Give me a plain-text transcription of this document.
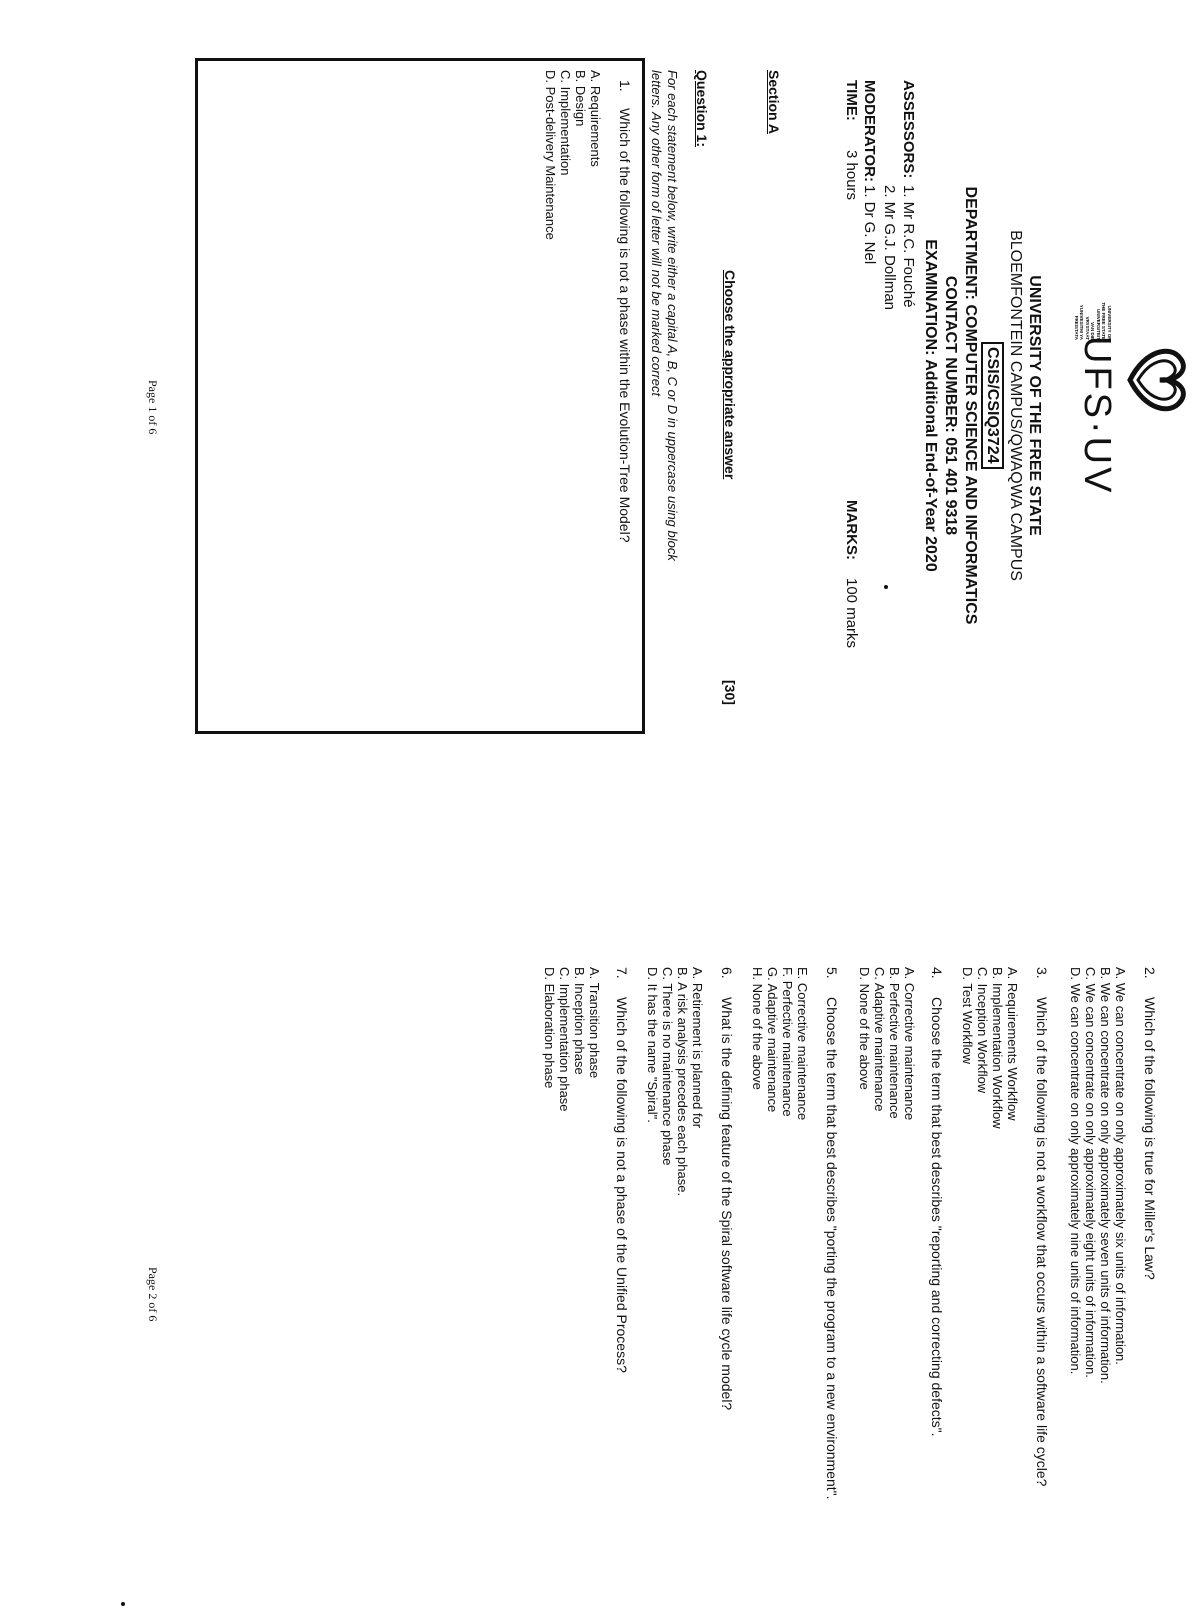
UFS·UV
UNIVERSITY OF THE FREE STATE
UNIVERSITEIT VAN DIE VRYSTAAT
YUNIVESITHI YA FREISTATA
UNIVERSITY OF THE FREE STATE
BLOEMFONTEIN CAMPUS/QWAQWA CAMPUS
CSIS/CSIQ3724
DEPARTMENT: COMPUTER SCIENCE AND INFORMATICS
CONTACT NUMBER: 051 401 9318
EXAMINATION: Additional End-of-Year 2020
ASSESSORS:
1. Mr R.C. Fouché
2. Mr G.J. Dollman
MODERATOR:
1. Dr G. Nel
TIME:
3 hours
MARKS:
100 marks
Section A
Choose the appropriate answer
[30]
Question 1:
For each statement below, write either a capital A, B, C or D in uppercase using block
letters. Any other form of letter will not be marked correct
1.
Which of the following is not a phase within the Evolution-Tree Model?
A. Requirements
B. Design
C. Implementation
D. Post-delivery Maintenance
Page 1 of 6
2.
Which of the following is true for Miller's Law?
A. We can concentrate on only approximately six units of information.
B. We can concentrate on only approximately seven units of information.
C. We can concentrate on only approximately eight units of information.
D. We can concentrate on only approximately nine units of information.
3.
Which of the following is not a workflow that occurs within a software life cycle?
A. Requirements Workflow
B. Implementation Workflow
C. Inception Workflow
D. Test Workflow
4.
Choose the term that best describes "reporting and correcting defects".
A. Corrective maintenance
B. Perfective maintenance
C. Adaptive maintenance
D. None of the above
5.
Choose the term that best describes "porting the program to a new environment".
E. Corrective maintenance
F. Perfective maintenance
G. Adaptive maintenance
H. None of the above
6.
What is the defining feature of the Spiral software life cycle model?
A. Retirement is planned for
B. A risk analysis precedes each phase.
C. There is no maintenance phase
D. It has the name "Spiral".
7.
Which of the following is not a phase of the Unified Process?
A. Transition phase
B. Inception phase
C. Implementation phase
D. Elaboration phase
Page 2 of 6
